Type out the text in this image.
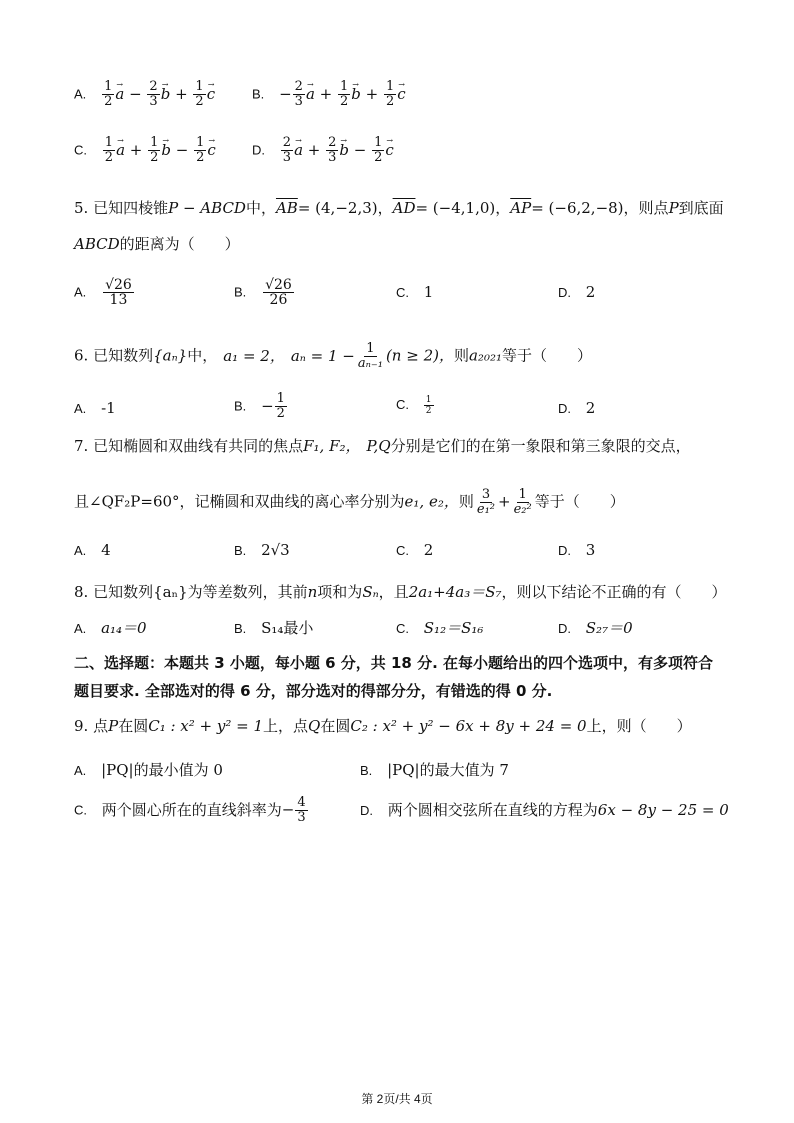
A. $\frac{1}{2}$ a → − $\frac{2}{3}$ b → + $\frac{1}{2}$ c →	B. − $\frac{2}{3}$ a → + $\frac{1}{2}$ b → + $\frac{1}{2}$ c →
C. $\frac{1}{2}$ a → + $\frac{1}{2}$ b → − $\frac{1}{2}$ c →	D. $\frac{2}{3}$ a → + $\frac{2}{3}$ b → − $\frac{1}{2}$ c →
5. 已知四棱锥P − ABCD中，$\overline{AB}= (4,-2,3)$，$\overline{AD}= (-4,1,0)$，$\overline{AP}= (-6,2,-8)$，则点P到底面
ABCD的距离为（　　）
A. $\frac{√26}{13}$	B. $\frac{√26}{26}$	C. 1	D. 2
6. 已知数列{aₙ}中， a₁ = 2， $a_n = 1 - \frac{1}{\text{aₙ₋₁}} (n \ge 2)$，则a₂₀₂₁等于（　　）
A. -1	B. − $\frac{1}{2}$	C. $\frac{1}{2}$	D. 2
7. 已知椭圆和双曲线有共同的焦点F₁, F₂， P,Q分别是它们的在第一象限和第三象限的交点，
且∠QF₂P=60°，记椭圆和双曲线的离心率分别为e₁, e₂，则 $\frac{3}{\text{e₁²}} + \frac{1}{\text{e₂²}}$ 等于（　　）
A. 4	B. 2√3	C. 2	D. 3
8. 已知数列{aₙ}为等差数列，其前n项和为Sₙ，且2a₁+4a₃＝S₇，则以下结论不正确的有（　　）
A. a₁₄＝0	B. S₁₄最小	C. S₁₂＝S₁₆	D. S₂₇＝0
二、选择题：本题共 3 小题，每小题 6 分，共 18 分. 在每小题给出的四个选项中，有多项符合
题目要求. 全部选对的得 6 分，部分选对的得部分分，有错选的得 0 分.
9. 点P在圆C₁ : x² + y² = 1上，点Q在圆C₂ : x² + y² − 6x + 8y + 24 = 0上，则（　　）
A. |PQ|的最小值为 0	B. |PQ|的最大值为 7
C. 两个圆心所在的直线斜率为− $\frac{4}{3}$	D. 两个圆相交弦所在直线的方程为6x − 8y − 25 = 0
第 2页/共 4页
